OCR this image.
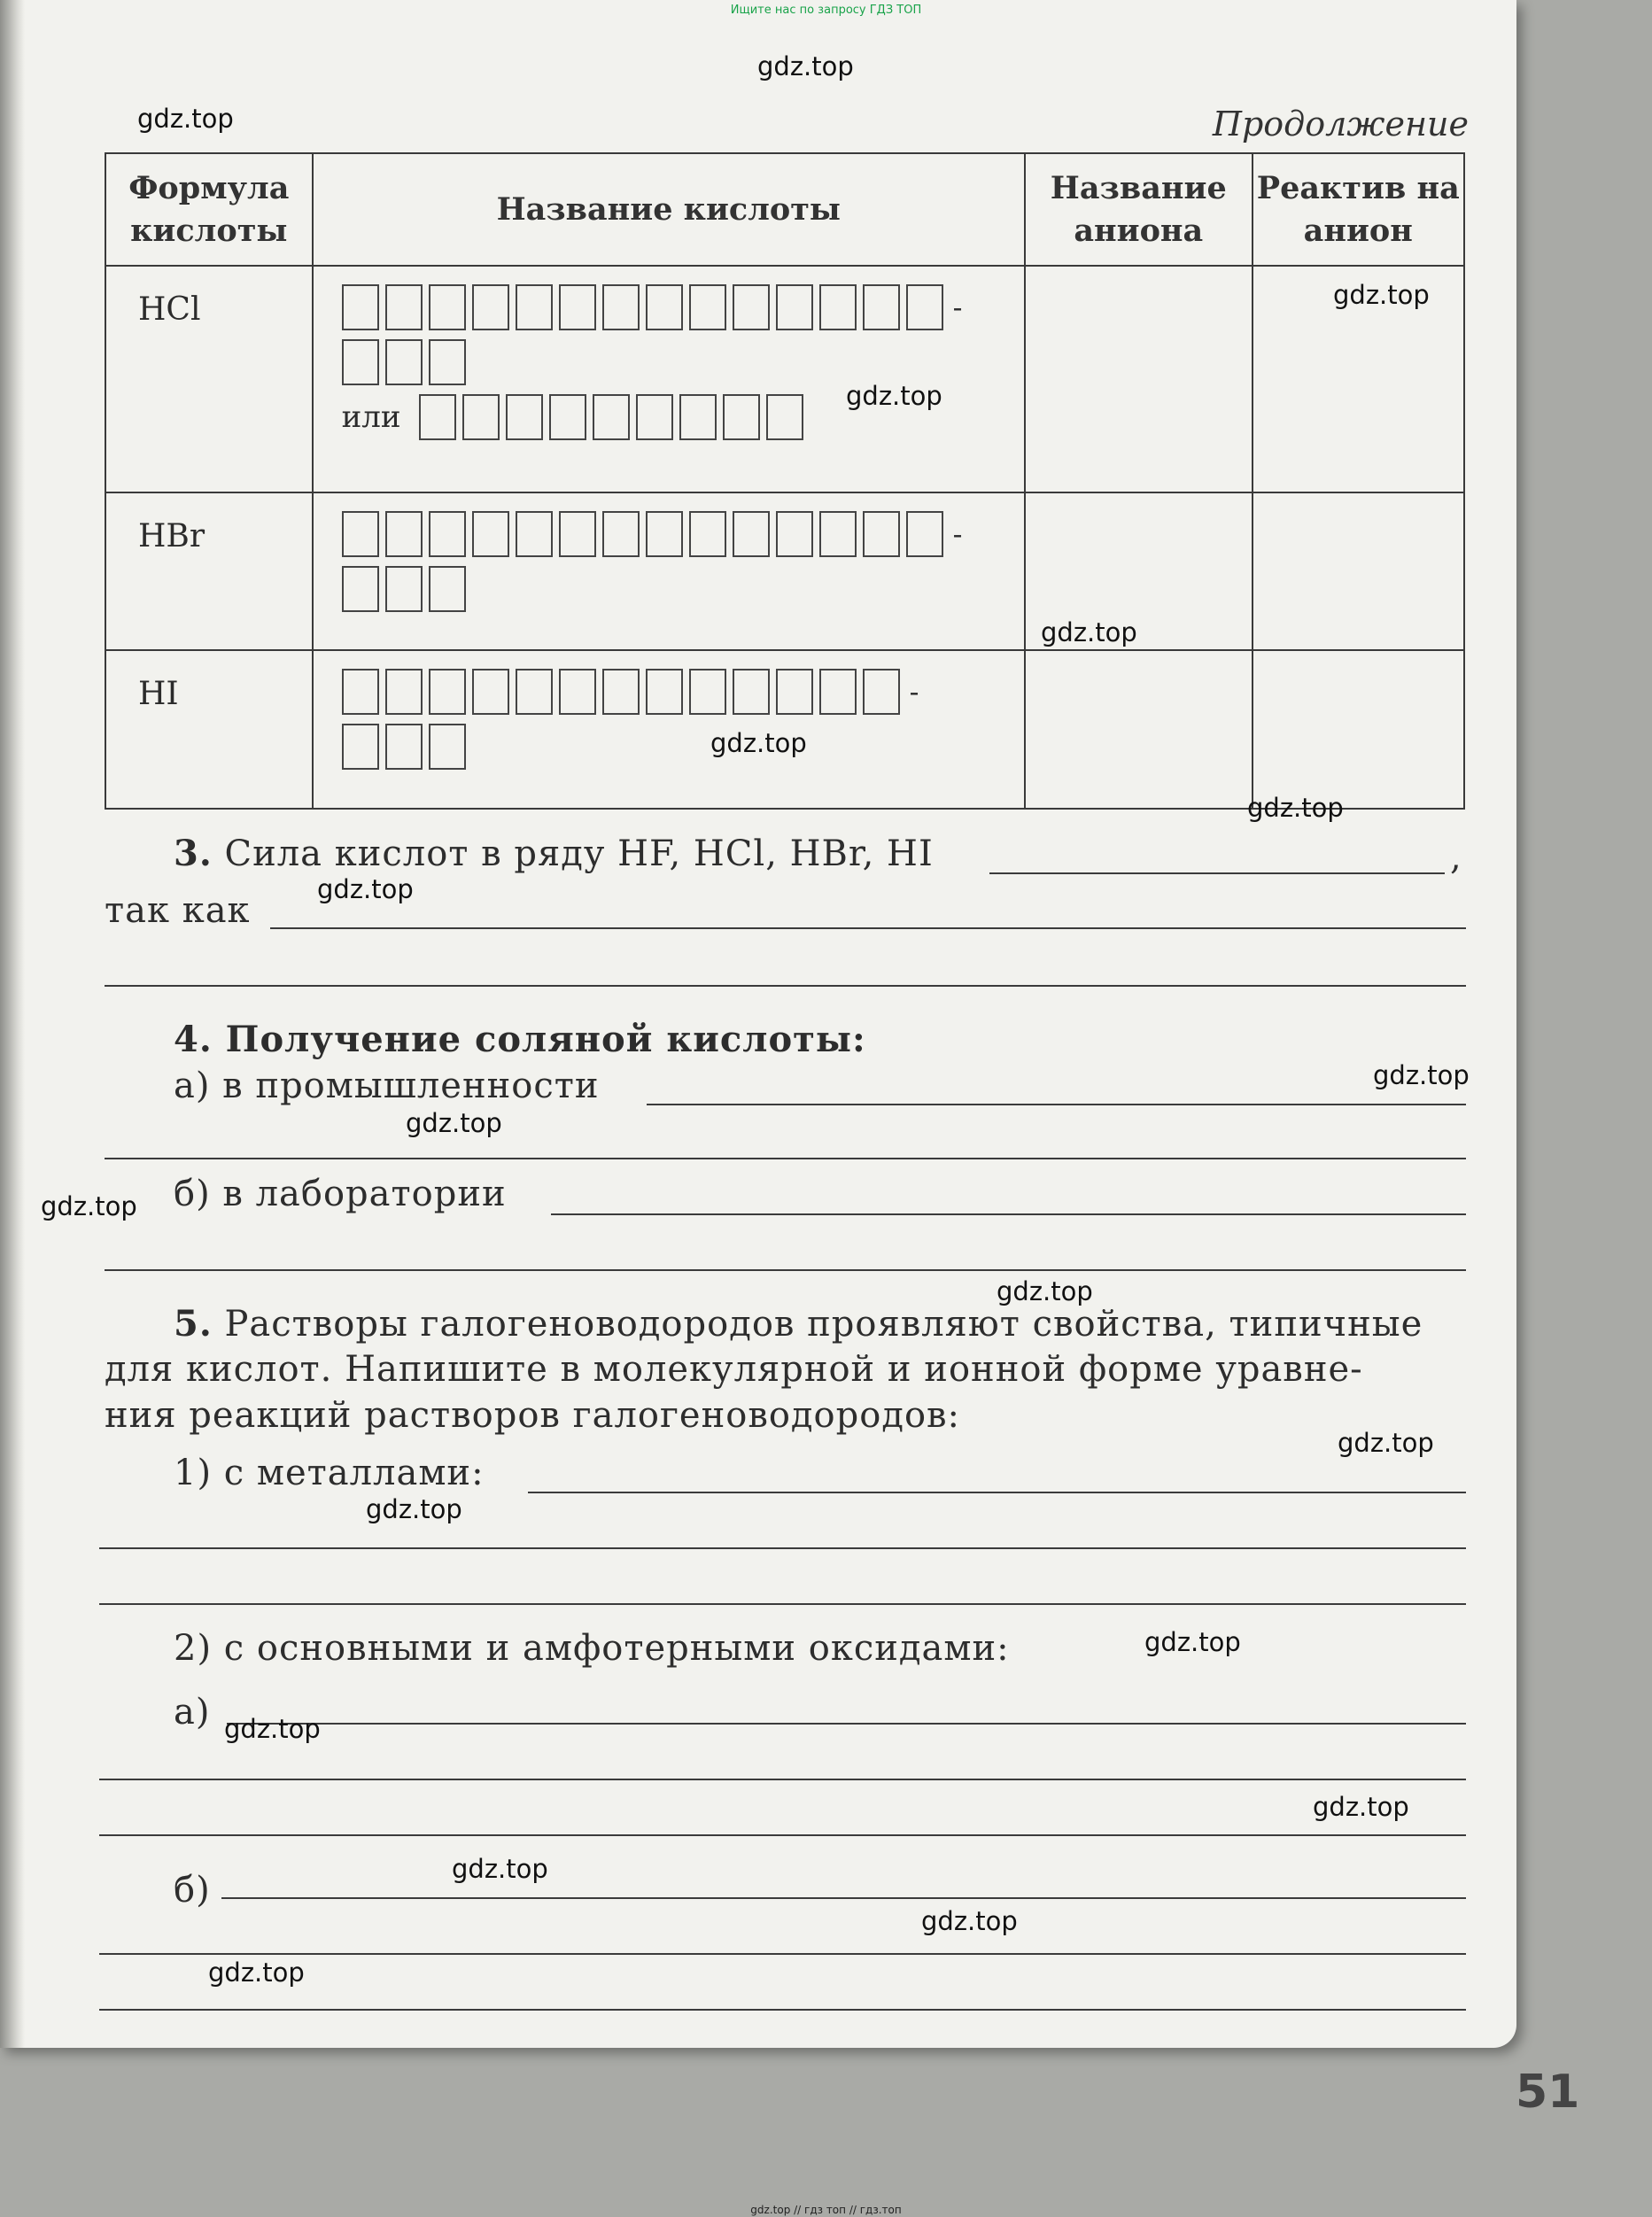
Ищите нас по запросу ГДЗ ТОП
Продолжение
Формула кислоты	Название кислоты	Название аниона	Реактив на анион
HCl	-
или		

HBr	-		

HI	-		

3. Сила кислот в ряду HF, HCl, HBr, HI	,
так как
4. Получение соляной кислоты:
а) в промышленности
б) в лаборатории
5. Растворы галогеноводородов проявляют свойства, типичные
для кислот. Напишите в молекулярной и ионной форме уравне-
ния реакций растворов галогеноводородов:
1) с металлами:
2) с основными и амфотерными оксидами:
а)
б)
51
gdz.top
gdz.top
gdz.top
gdz.top
gdz.top
gdz.top
gdz.top
gdz.top
gdz.top
gdz.top
gdz.top
gdz.top
gdz.top
gdz.top
gdz.top
gdz.top
gdz.top
gdz.top
gdz.top
gdz.top
gdz.top // гдз топ // гдз.топ
